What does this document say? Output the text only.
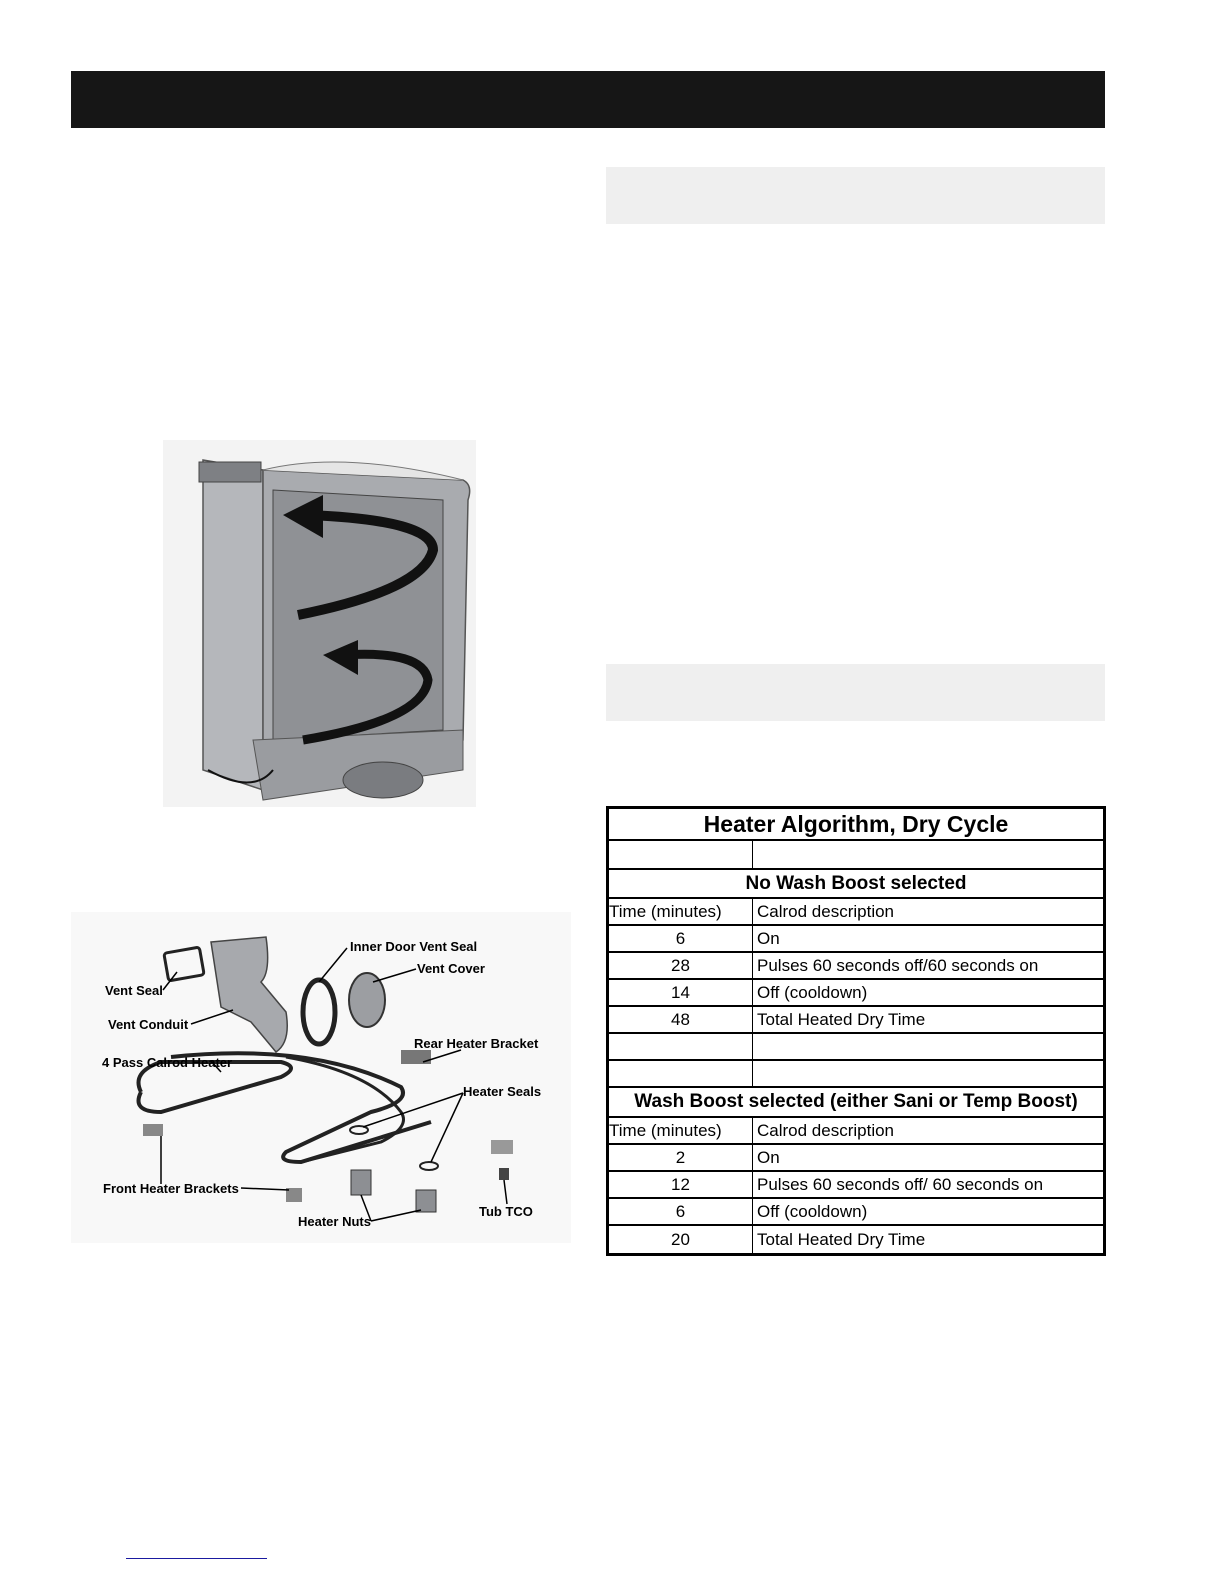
Inner Door Vent Seal
Vent Cover
Vent Seal
Vent Conduit
Rear Heater Bracket
4 Pass Calrod Heater
Heater Seals
Front Heater Brackets
Heater Nuts
Tub TCO
Heater Algorithm, Dry Cycle
No Wash Boost selected
Time (minutes)	Calrod description
6	On
28	Pulses 60 seconds off/60 seconds on
14	Off (cooldown)
48	Total Heated Dry Time
Wash Boost selected (either Sani or Temp Boost)
Time (minutes)	Calrod description
2	On
12	Pulses 60 seconds off/ 60 seconds on
6	Off (cooldown)
20	Total Heated Dry Time
